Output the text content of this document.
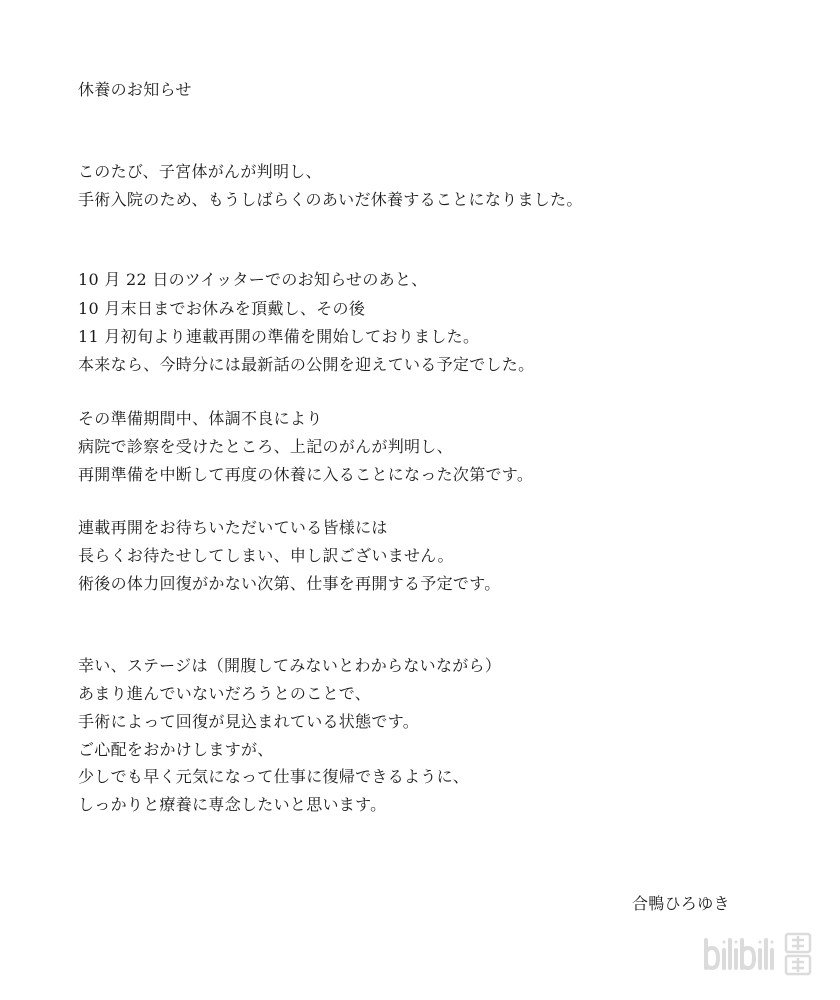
休養のお知らせ
このたび、子宮体がんが判明し、
手術入院のため、もうしばらくのあいだ休養することになりました。
10 月 22 日のツイッターでのお知らせのあと、
10 月末日までお休みを頂戴し、その後
11 月初旬より連載再開の準備を開始しておりました。
本来なら、今時分には最新話の公開を迎えている予定でした。
その準備期間中、体調不良により
病院で診察を受けたところ、上記のがんが判明し、
再開準備を中断して再度の休養に入ることになった次第です。
連載再開をお待ちいただいている皆様には
長らくお待たせしてしまい、申し訳ございません。
術後の体力回復がかない次第、仕事を再開する予定です。
幸い、ステージは（開腹してみないとわからないながら）
あまり進んでいないだろうとのことで、
手術によって回復が見込まれている状態です。
ご心配をおかけしますが、
少しでも早く元気になって仕事に復帰できるように、
しっかりと療養に専念したいと思います。
合鴨ひろゆき
